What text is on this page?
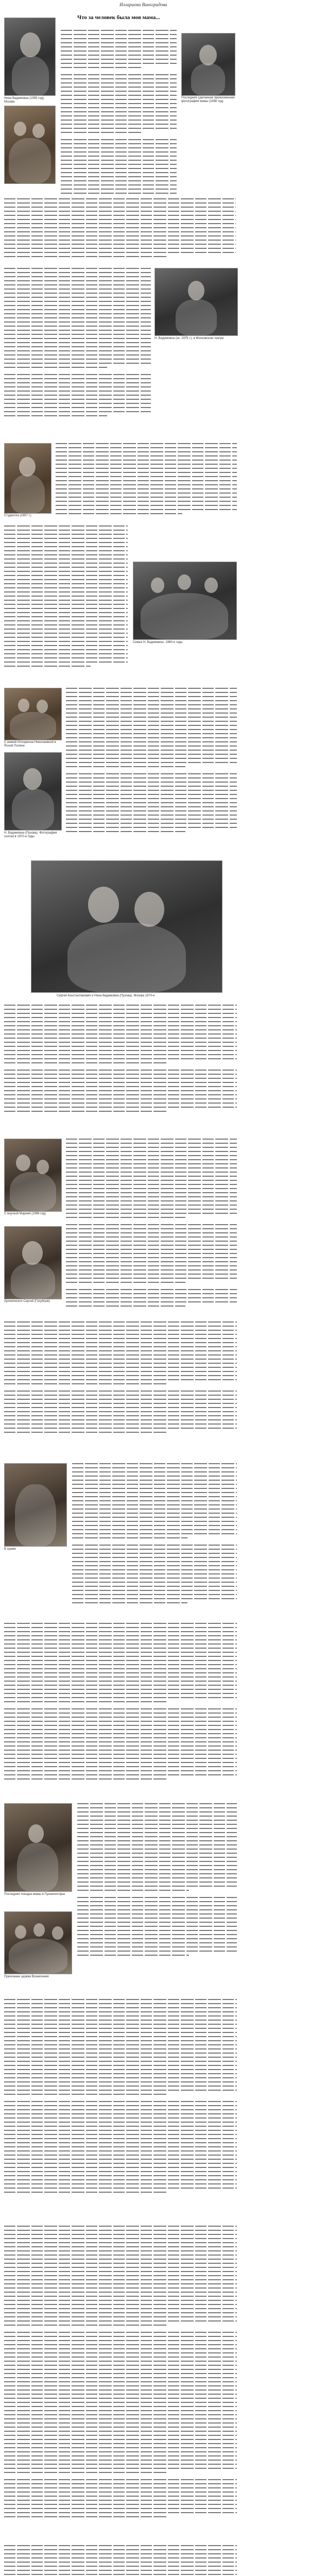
Иллариона Виноградова
Что за человек была моя мама...
Нина Вадимовна (1955 год). Москва
Последняя сделанная прижизненная фотография мамы (1998 год)
Н. Вадимовна (ок. 1975 г.), в Московском театре
Студентка (1957 г.)
Семья Н. Вадимовны. 1960-е годы
С мамой Иллариона Николаевной в Ясной Поляне
Н. Вадимовна (Пухова). Фотография снятая в 1970-е годы
Сергей Константинович и Нина Вадимовна (Пухова). Москва 1970-е
С внучкой Марией (1998 год)
Архиепископ Сергей (Голубцов)
В храме
Последняя поездка мамы в Пушкиногорье
Прихожане церкви Вознесения
